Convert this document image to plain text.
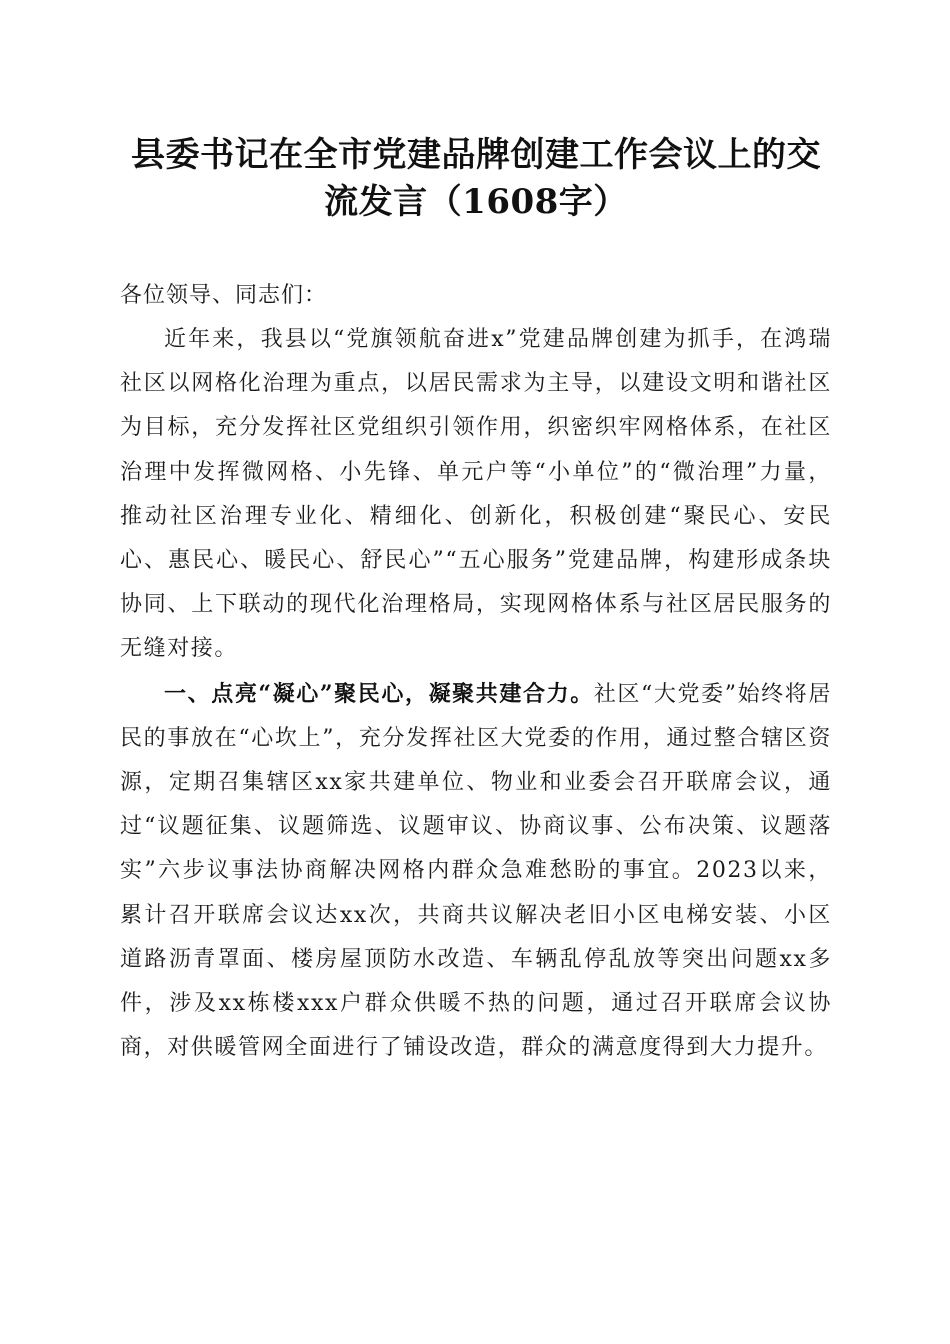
县委书记在全市党建品牌创建工作会议上的交
流发言（1608字）

各位领导、同志们：

近年来，我县以“党旗领航奋进x”党建品牌创建为抓手，在鸿瑞社区以网格化治理为重点，以居民需求为主导，以建设文明和谐社区为目标，充分发挥社区党组织引领作用，织密织牢网格体系，在社区治理中发挥微网格、小先锋、单元户等“小单位”的“微治理”力量，推动社区治理专业化、精细化、创新化，积极创建“聚民心、安民心、惠民心、暖民心、舒民心”“五心服务”党建品牌，构建形成条块协同、上下联动的现代化治理格局，实现网格体系与社区居民服务的无缝对接。

一、点亮“凝心”聚民心，凝聚共建合力。社区“大党委”始终将居民的事放在“心坎上”，充分发挥社区大党委的作用，通过整合辖区资源，定期召集辖区xx家共建单位、物业和业委会召开联席会议，通过“议题征集、议题筛选、议题审议、协商议事、公布决策、议题落实”六步议事法协商解决网格内群众急难愁盼的事宜。2023以来，累计召开联席会议达xx次，共商共议解决老旧小区电梯安装、小区道路沥青罩面、楼房屋顶防水改造、车辆乱停乱放等突出问题xx多件，涉及xx栋楼xxx户群众供暖不热的问题，通过召开联席会议协商，对供暖管网全面进行了铺设改造，群众的满意度得到大力提升。
